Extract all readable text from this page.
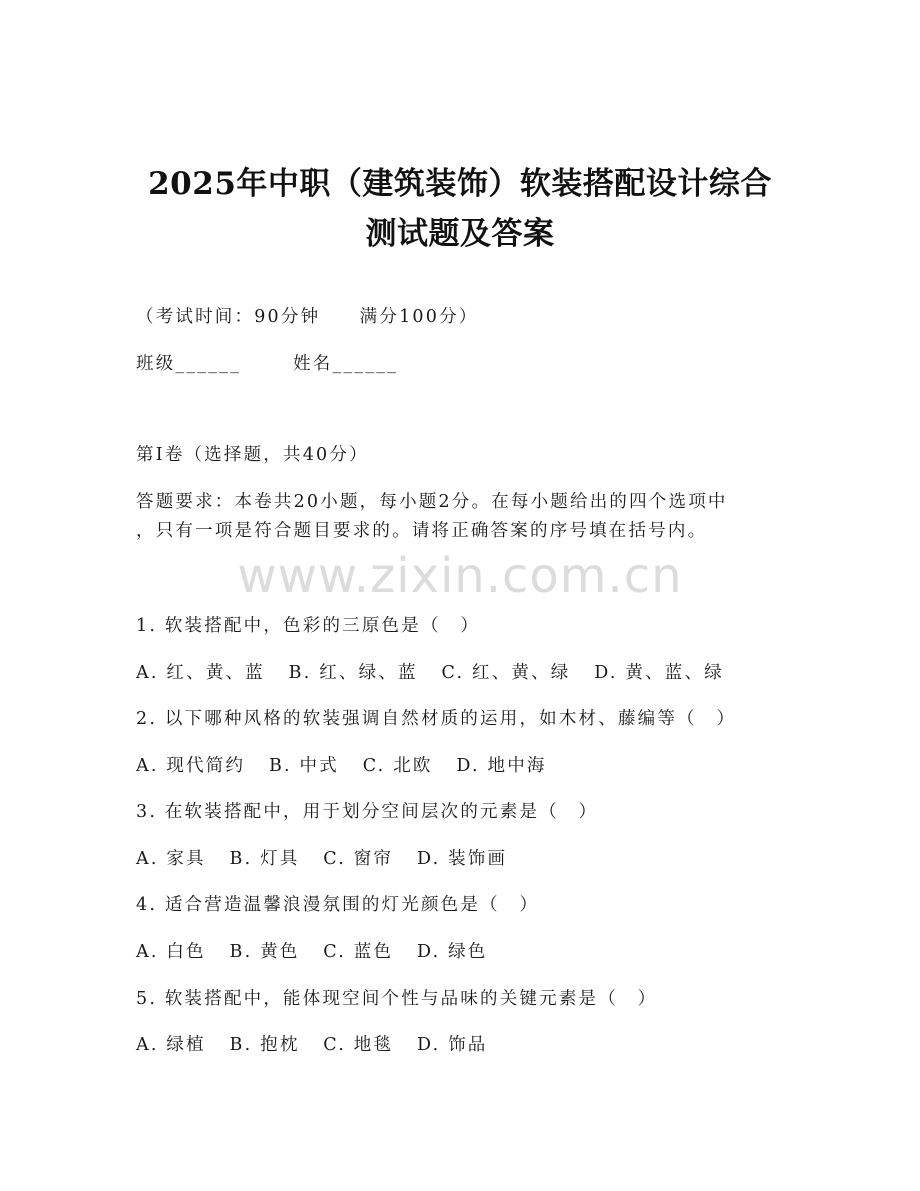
2025年中职（建筑装饰）软装搭配设计综合
测试题及答案
（考试时间：90分钟　　满分100分）
班级______	姓名______
第I卷（选择题，共40分）
答题要求：本卷共20小题，每小题2分。在每小题给出的四个选项中
，只有一项是符合题目要求的。请将正确答案的序号填在括号内。
www.zixin.com.cn
1. 软装搭配中，色彩的三原色是（　）
A. 红、黄、蓝 B. 红、绿、蓝 C. 红、黄、绿 D. 黄、蓝、绿
2. 以下哪种风格的软装强调自然材质的运用，如木材、藤编等（　）
A. 现代简约 B. 中式 C. 北欧 D. 地中海
3. 在软装搭配中，用于划分空间层次的元素是（　）
A. 家具 B. 灯具 C. 窗帘 D. 装饰画
4. 适合营造温馨浪漫氛围的灯光颜色是（　）
A. 白色 B. 黄色 C. 蓝色 D. 绿色
5. 软装搭配中，能体现空间个性与品味的关键元素是（　）
A. 绿植 B. 抱枕 C. 地毯 D. 饰品
